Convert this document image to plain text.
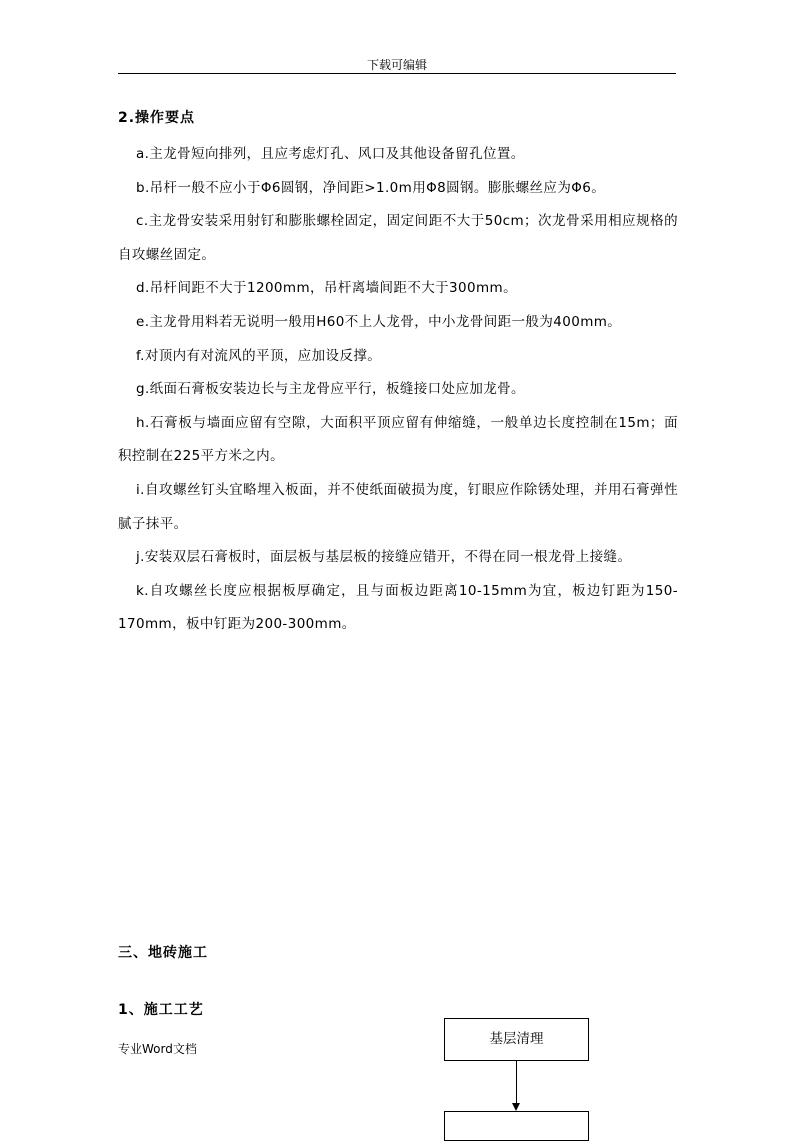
下载可编辑
2.操作要点

a.主龙骨短向排列，且应考虑灯孔、风口及其他设备留孔位置。

b.吊杆一般不应小于Φ6圆钢，净间距>1.0m用Φ8圆钢。膨胀螺丝应为Φ6。

c.主龙骨安装采用射钉和膨胀螺栓固定，固定间距不大于50cm；次龙骨采用相应规格的自攻螺丝固定。

d.吊杆间距不大于1200mm，吊杆离墙间距不大于300mm。

e.主龙骨用料若无说明一般用H60不上人龙骨，中小龙骨间距一般为400mm。

f.对顶内有对流风的平顶，应加设反撑。

g.纸面石膏板安装边长与主龙骨应平行，板缝接口处应加龙骨。

h.石膏板与墙面应留有空隙，大面积平顶应留有伸缩缝，一般单边长度控制在15m；面积控制在225平方米之内。

i.自攻螺丝钉头宜略埋入板面，并不使纸面破损为度，钉眼应作除锈处理，并用石膏弹性腻子抹平。

j.安装双层石膏板时，面层板与基层板的接缝应错开，不得在同一根龙骨上接缝。

k.自攻螺丝长度应根据板厚确定，且与面板边距离10-15mm为宜，板边钉距为150-170mm，板中钉距为200-300mm。

三、地砖施工
1、施工工艺
基层清理
专业Word文档
